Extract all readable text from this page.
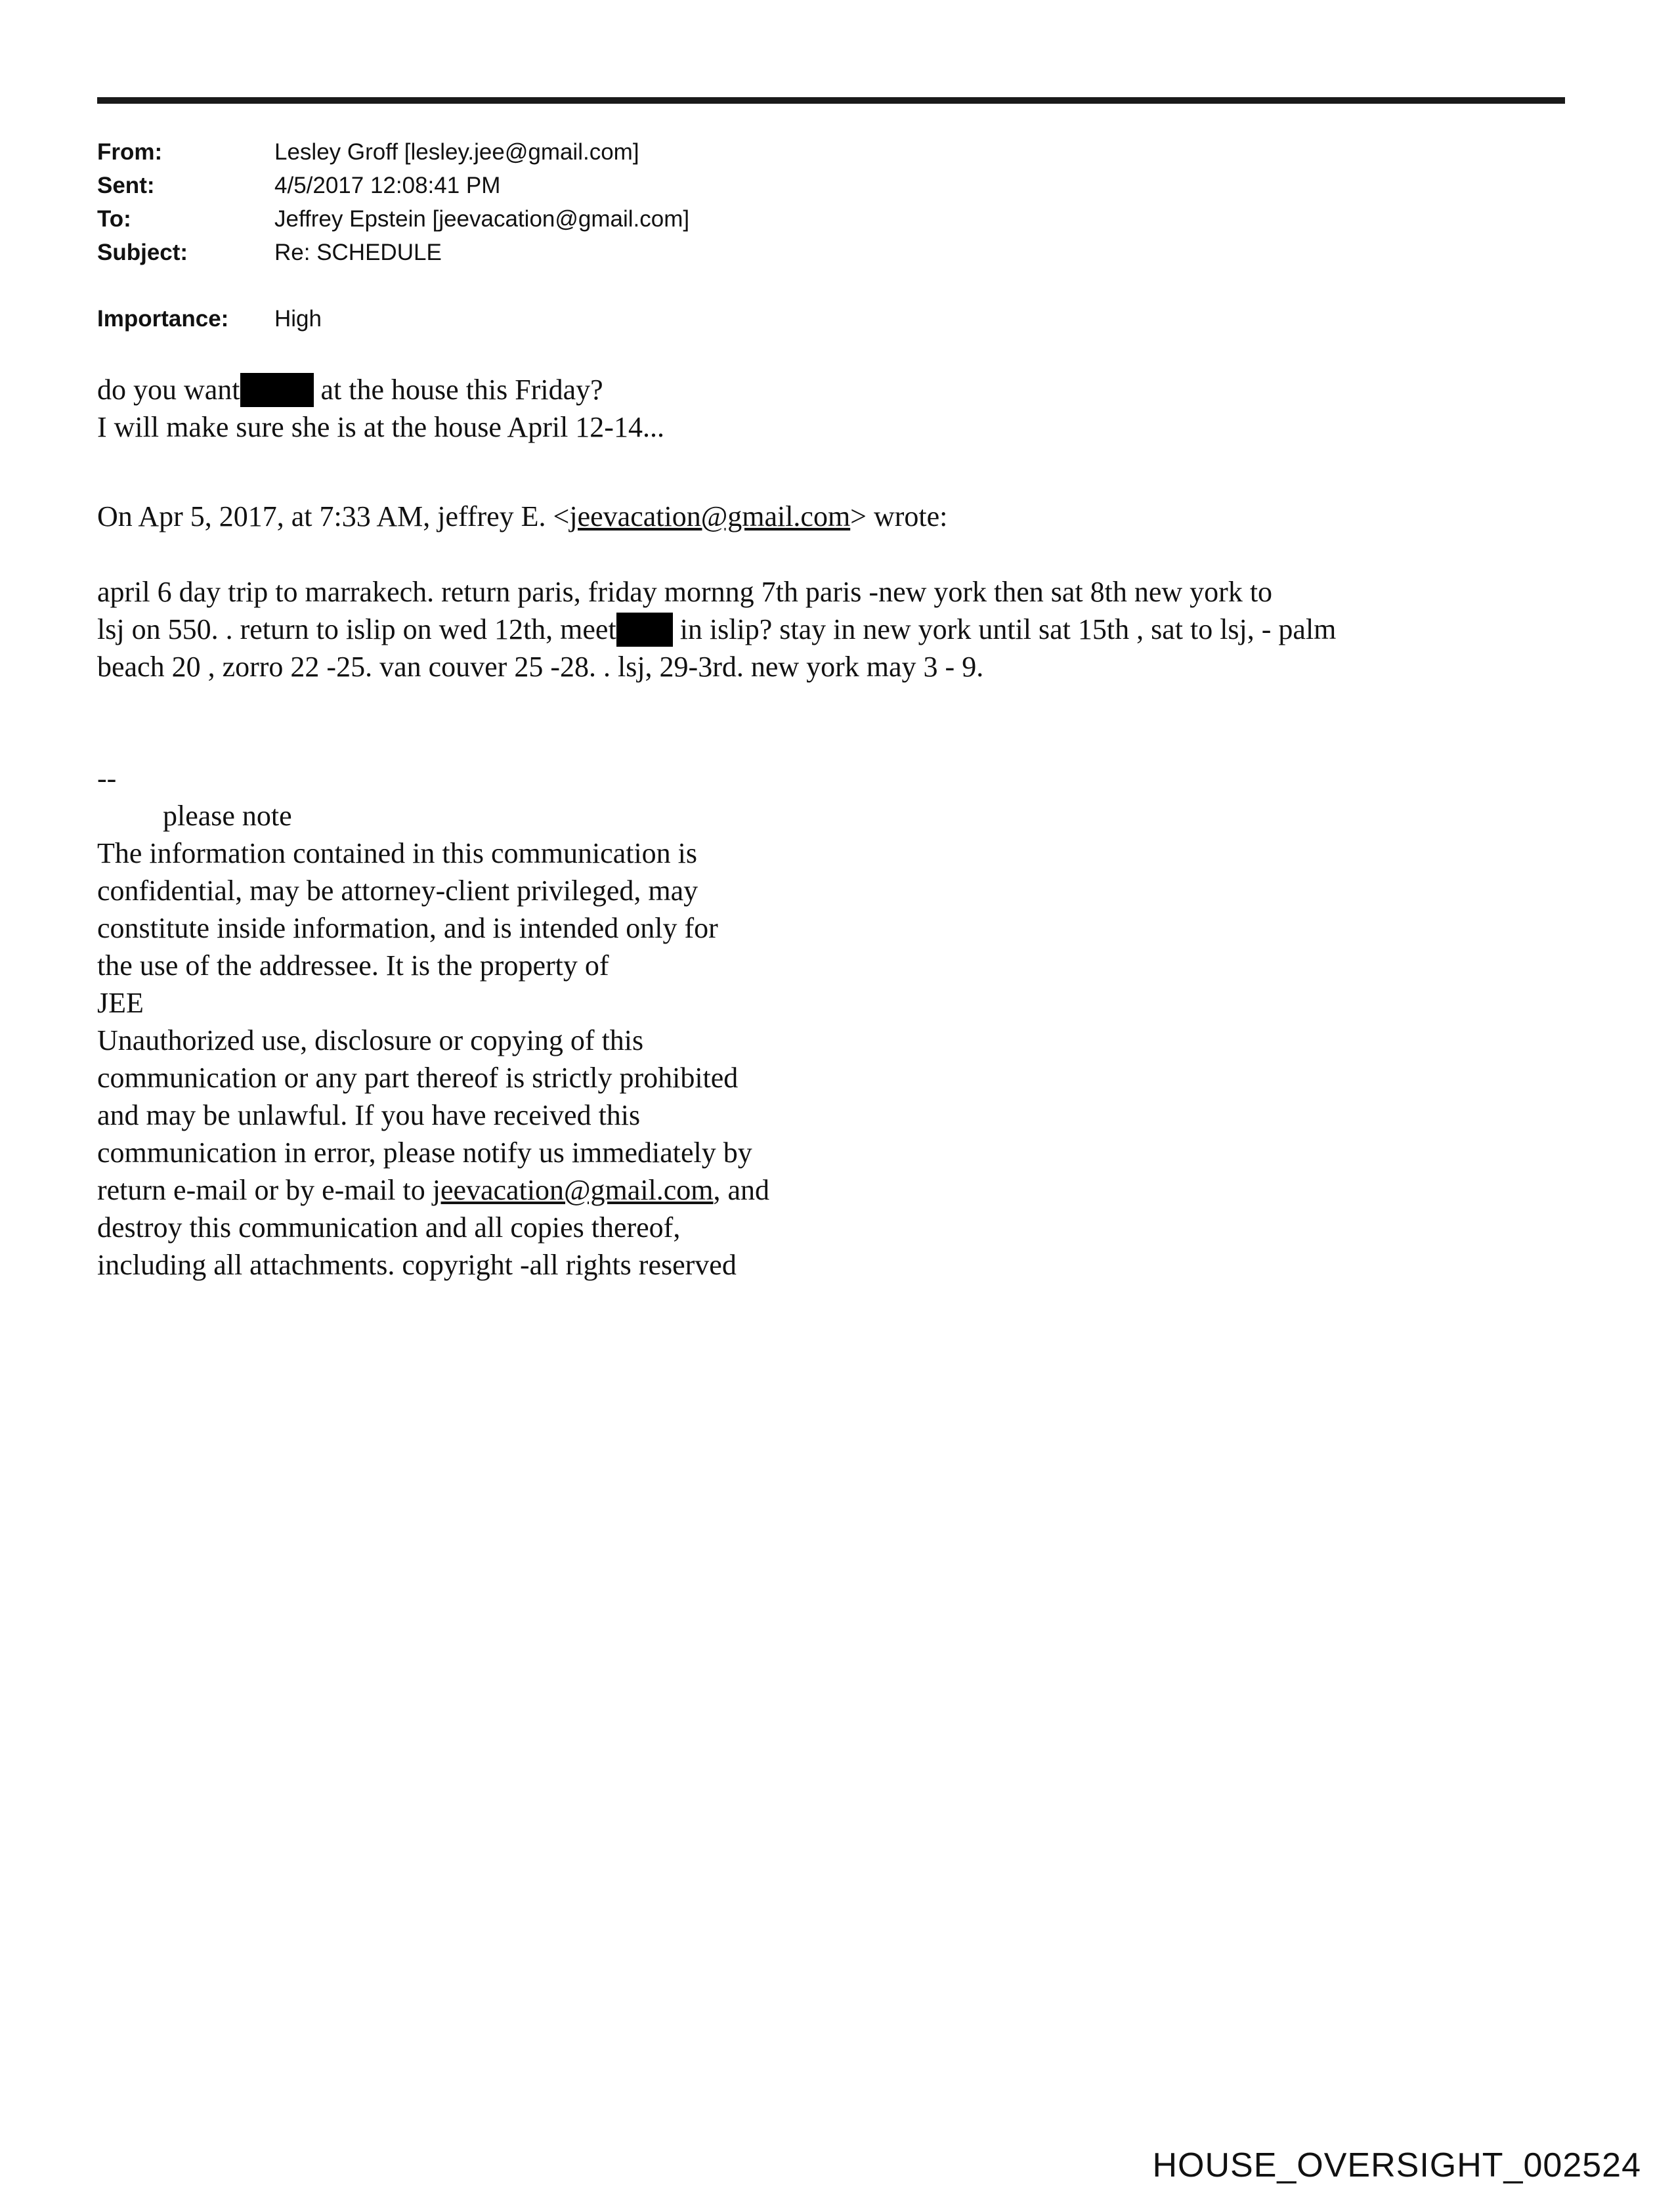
From:	Lesley Groff [lesley.jee@gmail.com]
Sent:	4/5/2017 12:08:41 PM
To:	Jeffrey Epstein [jeevacation@gmail.com]
Subject:	Re: SCHEDULE
Importance: High
do you want	at the house this Friday?
I will make sure she is at the house April 12-14...
On Apr 5, 2017, at 7:33 AM, jeffrey E. <jeevacation@gmail.com> wrote:
april 6 day trip to marrakech. return paris, friday mornng 7th paris -new york then sat 8th new york to
lsj on 550. . return to islip on wed 12th, meet in islip? stay in new york until sat 15th , sat to lsj, - palm
beach 20 , zorro 22 -25. van couver 25 -28. . lsj, 29-3rd. new york may 3 - 9.
--
please note
The information contained in this communication is
confidential, may be attorney-client privileged, may
constitute inside information, and is intended only for
the use of the addressee. It is the property of
JEE
Unauthorized use, disclosure or copying of this
communication or any part thereof is strictly prohibited
and may be unlawful. If you have received this
communication in error, please notify us immediately by
return e-mail or by e-mail to jeevacation@gmail.com, and
destroy this communication and all copies thereof,
including all attachments. copyright -all rights reserved
HOUSE_OVERSIGHT_002524
